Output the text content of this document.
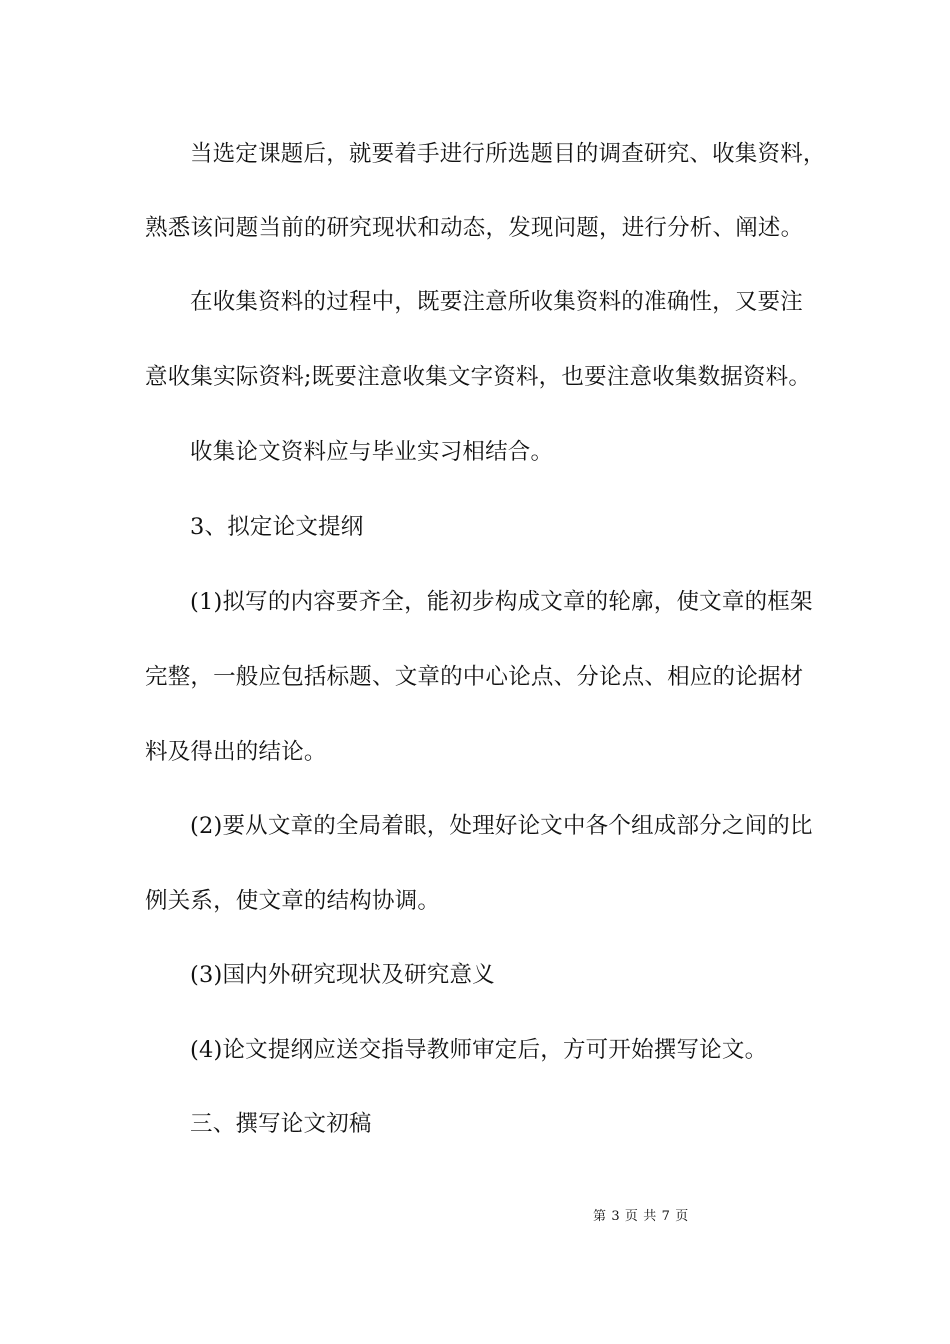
当选定课题后，就要着手进行所选题目的调查研究、收集资料，
熟悉该问题当前的研究现状和动态，发现问题，进行分析、阐述。
在收集资料的过程中，既要注意所收集资料的准确性，又要注
意收集实际资料;既要注意收集文字资料，也要注意收集数据资料。
收集论文资料应与毕业实习相结合。
3、拟定论文提纲
(1)拟写的内容要齐全，能初步构成文章的轮廓，使文章的框架
完整，一般应包括标题、文章的中心论点、分论点、相应的论据材
料及得出的结论。
(2)要从文章的全局着眼，处理好论文中各个组成部分之间的比
例关系，使文章的结构协调。
(3)国内外研究现状及研究意义
(4)论文提纲应送交指导教师审定后，方可开始撰写论文。
三、撰写论文初稿
第 3 页 共 7 页
